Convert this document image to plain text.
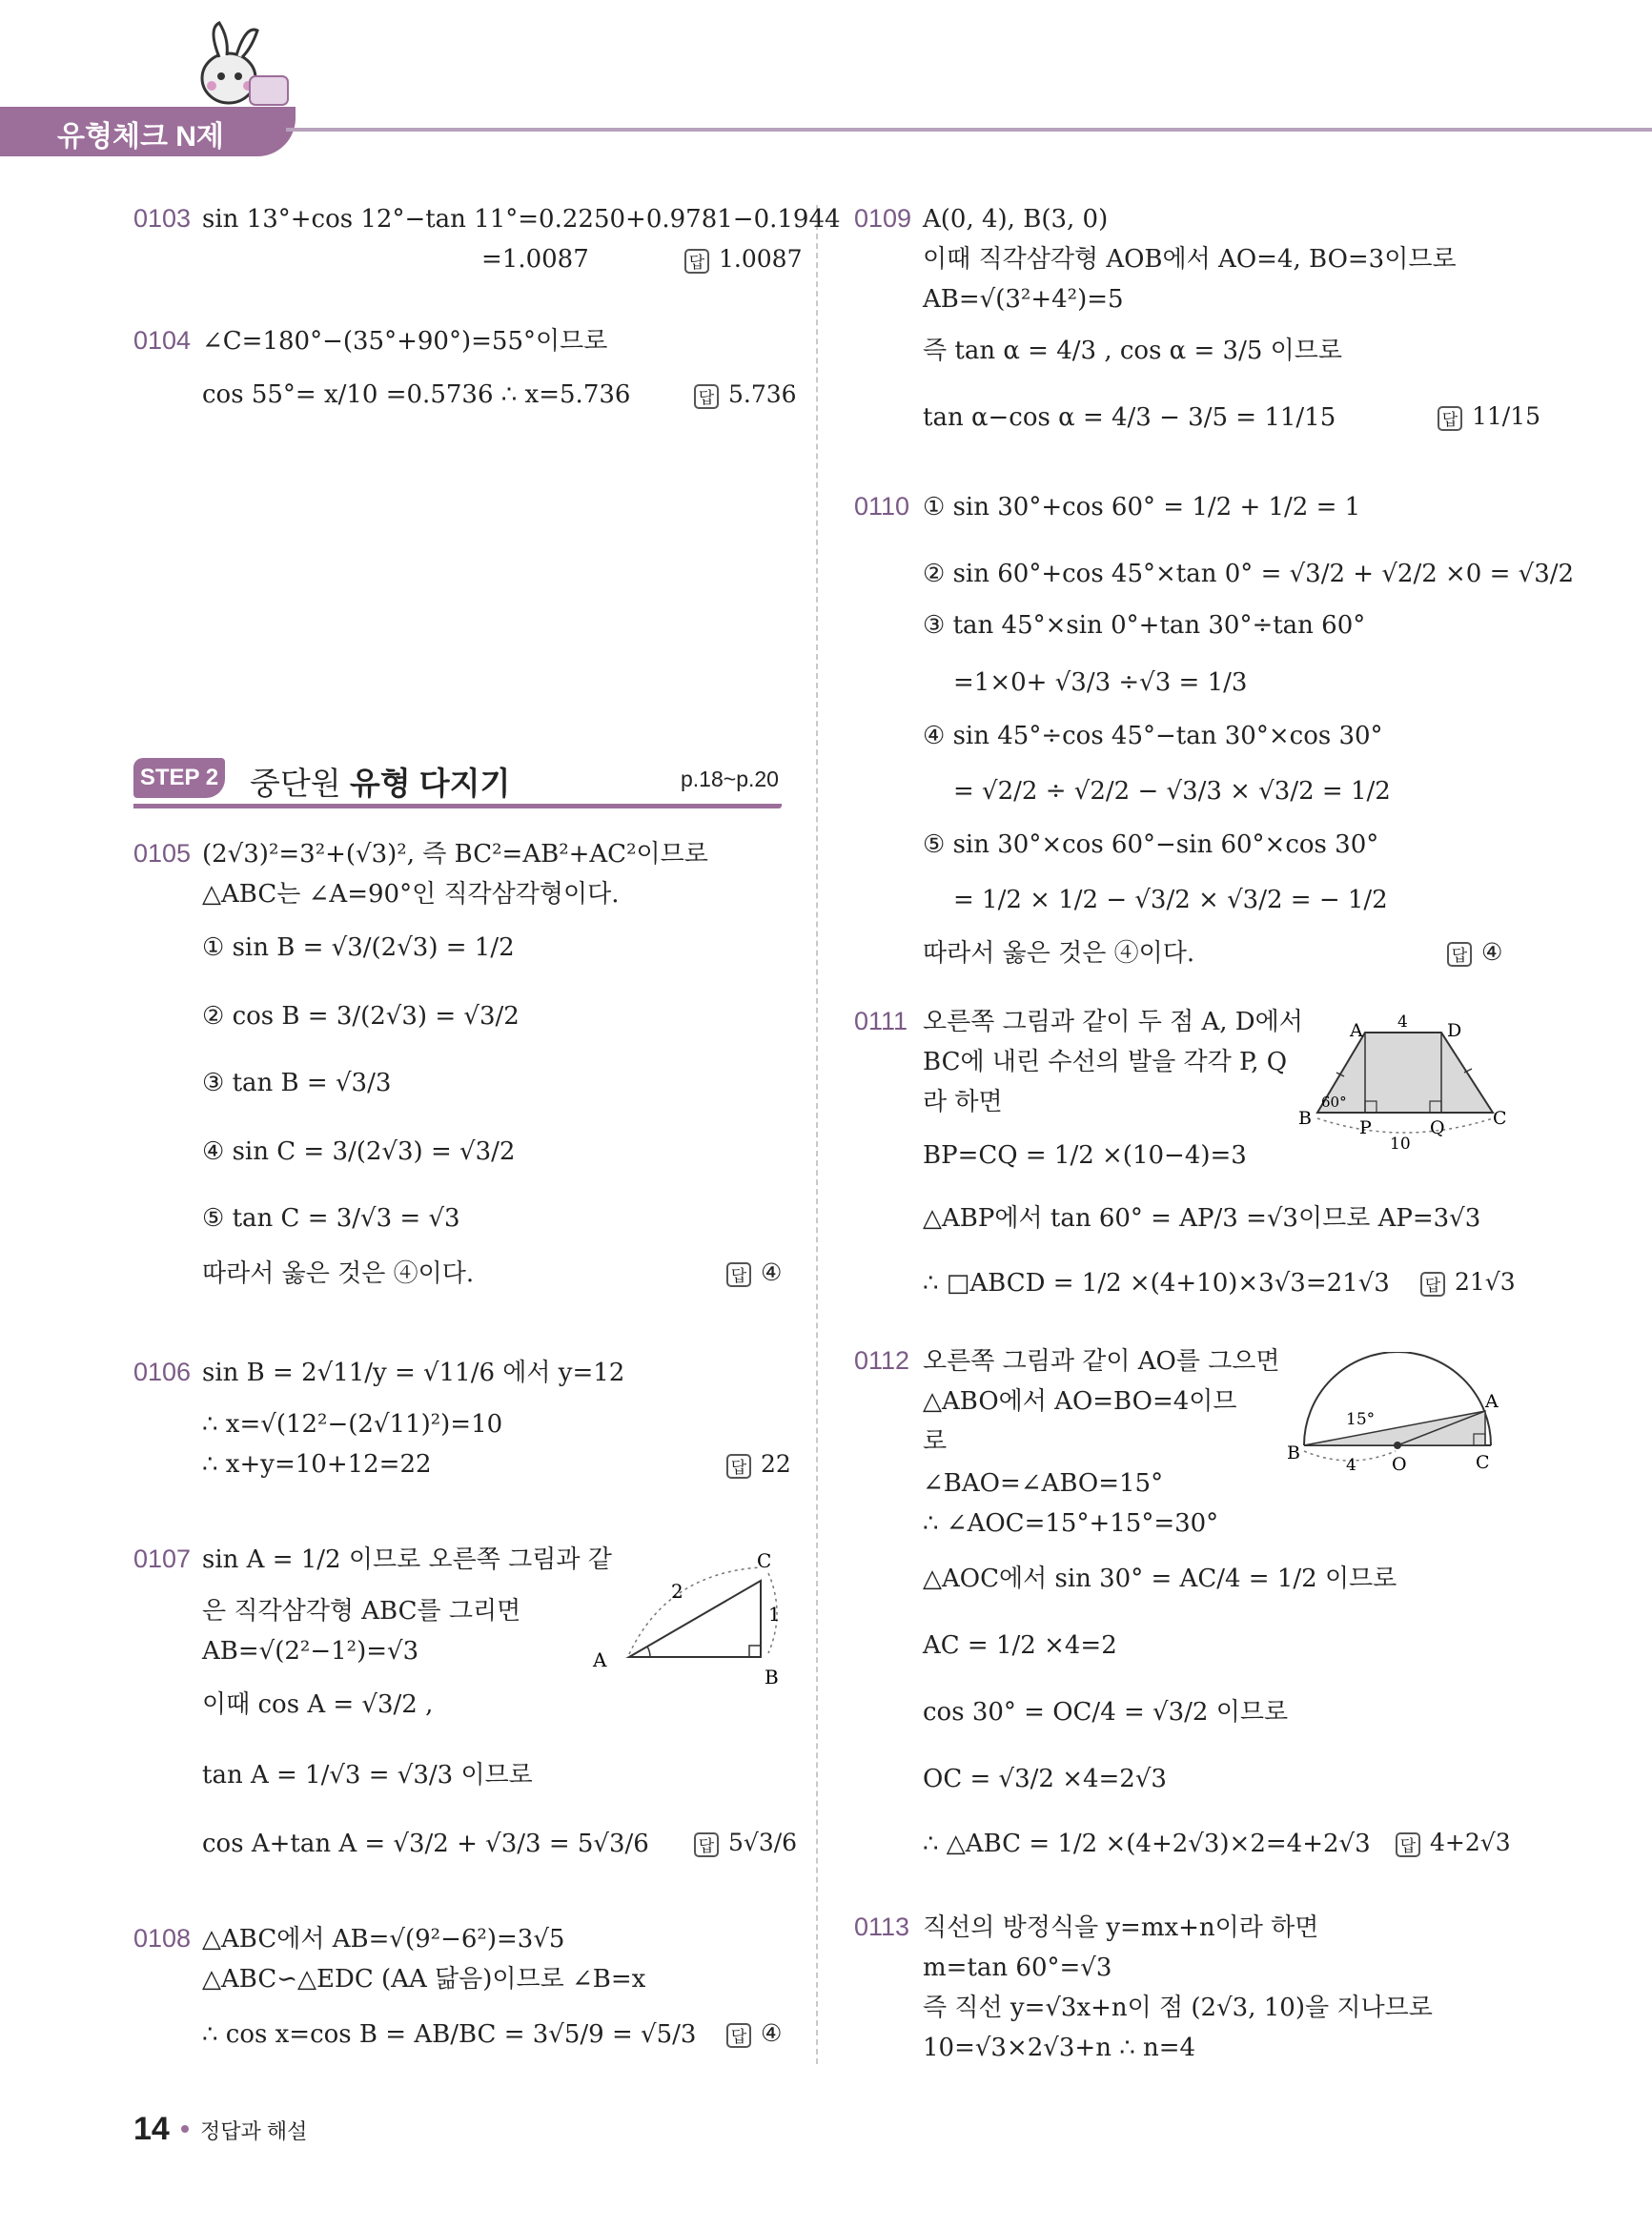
유형체크 N제
0103 sin 13°+cos 12°−tan 11°=0.2250+0.9781−0.1944
=1.0087	답 1.0087
0104 ∠C=180°−(35°+90°)=55°이므로
cos 55°= x/10 =0.5736 ∴ x=5.736	답 5.736
STEP 2 중단원 유형 다지기	p.18~p.20
0105 (2√3)²=3²+(√3)², 즉 BC²=AB²+AC²이므로
△ABC는 ∠A=90°인 직각삼각형이다.
① sin B = √3/(2√3) = 1/2
② cos B = 3/(2√3) = √3/2
③ tan B = √3/3
④ sin C = 3/(2√3) = √3/2
⑤ tan C = 3/√3 = √3
따라서 옳은 것은 ④이다.	답 ④
0106 sin B = 2√11/y = √11/6 에서 y=12
∴ x=√(12²−(2√11)²)=10
∴ x+y=10+12=22	답 22
0107 sin A = 1/2 이므로 오른쪽 그림과 같
은 직각삼각형 ABC를 그리면
AB=√(2²−1²)=√3
이때 cos A = √3/2 ,
tan A = 1/√3 = √3/3 이므로
cos A+tan A = √3/2 + √3/3 = 5√3/6	답 5√3/6
A
B
C
2
1
0108 △ABC에서 AB=√(9²−6²)=3√5
△ABC∽△EDC (AA 닮음)이므로 ∠B=x
∴ cos x=cos B = AB/BC = 3√5/9 = √5/3 답 ④
0109 A(0, 4), B(3, 0)
이때 직각삼각형 AOB에서 AO=4, BO=3이므로
AB=√(3²+4²)=5
즉 tan α = 4/3 , cos α = 3/5 이므로
tan α−cos α = 4/3 − 3/5 = 11/15	답 11/15
0110 ① sin 30°+cos 60° = 1/2 + 1/2 = 1
② sin 60°+cos 45°×tan 0° = √3/2 + √2/2 ×0 = √3/2
③ tan 45°×sin 0°+tan 30°÷tan 60°
=1×0+ √3/3 ÷√3 = 1/3
④ sin 45°÷cos 45°−tan 30°×cos 30°
= √2/2 ÷ √2/2 − √3/3 × √3/2 = 1/2
⑤ sin 30°×cos 60°−sin 60°×cos 30°
= 1/2 × 1/2 − √3/2 × √3/2 = − 1/2
따라서 옳은 것은 ④이다.	답 ④
0111 오른쪽 그림과 같이 두 점 A, D에서
BC에 내린 수선의 발을 각각 P, Q
라 하면
BP=CQ = 1/2 ×(10−4)=3
△ABP에서 tan 60° = AP/3 =√3이므로 AP=3√3
∴ □ABCD = 1/2 ×(4+10)×3√3=21√3 답 21√3
A	D
4
B	C
P	Q
10
60°
0112 오른쪽 그림과 같이 AO를 그으면
△ABO에서 AO=BO=4이므
로
∠BAO=∠ABO=15°
∴ ∠AOC=15°+15°=30°
△AOC에서 sin 30° = AC/4 = 1/2 이므로
AC = 1/2 ×4=2
cos 30° = OC/4 = √3/2 이므로
OC = √3/2 ×4=2√3
∴ △ABC = 1/2 ×(4+2√3)×2=4+2√3 답 4+2√3
A
B	C
O
15°
4
0113 직선의 방정식을 y=mx+n이라 하면
m=tan 60°=√3
즉 직선 y=√3x+n이 점 (2√3, 10)을 지나므로
10=√3×2√3+n ∴ n=4
14 정답과 해설
